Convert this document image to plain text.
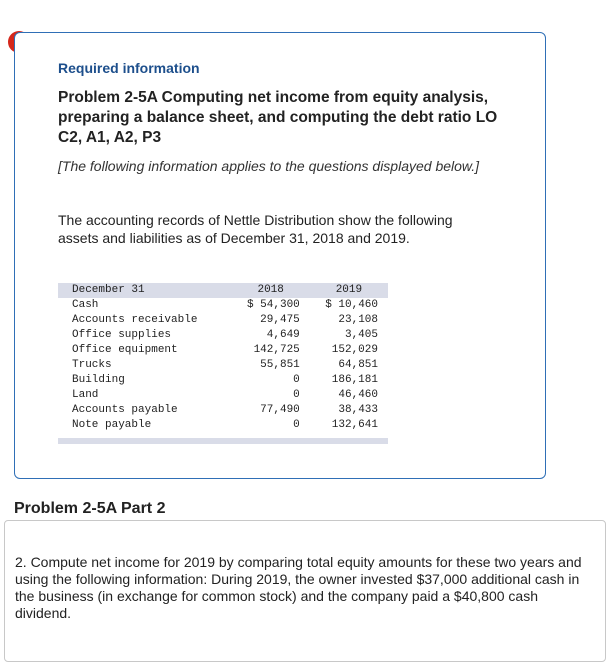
Required information
Problem 2-5A Computing net income from equity analysis, preparing a balance sheet, and computing the debt ratio LO C2, A1, A2, P3

[The following information applies to the questions displayed below.]

The accounting records of Nettle Distribution show the following assets and liabilities as of December 31, 2018 and 2019.

December 31	2018	2019
Cash	$ 54,300	$ 10,460
Accounts receivable	29,475	23,108
Office supplies	4,649	3,405
Office equipment	142,725	152,029
Trucks	55,851	64,851
Building	0	186,181
Land	0	46,460
Accounts payable	77,490	38,433
Note payable	0	132,641
Problem 2-5A Part 2

2. Compute net income for 2019 by comparing total equity amounts for these two years and using the following information: During 2019, the owner invested $37,000 additional cash in the business (in exchange for common stock) and the company paid a $40,800 cash dividend.
